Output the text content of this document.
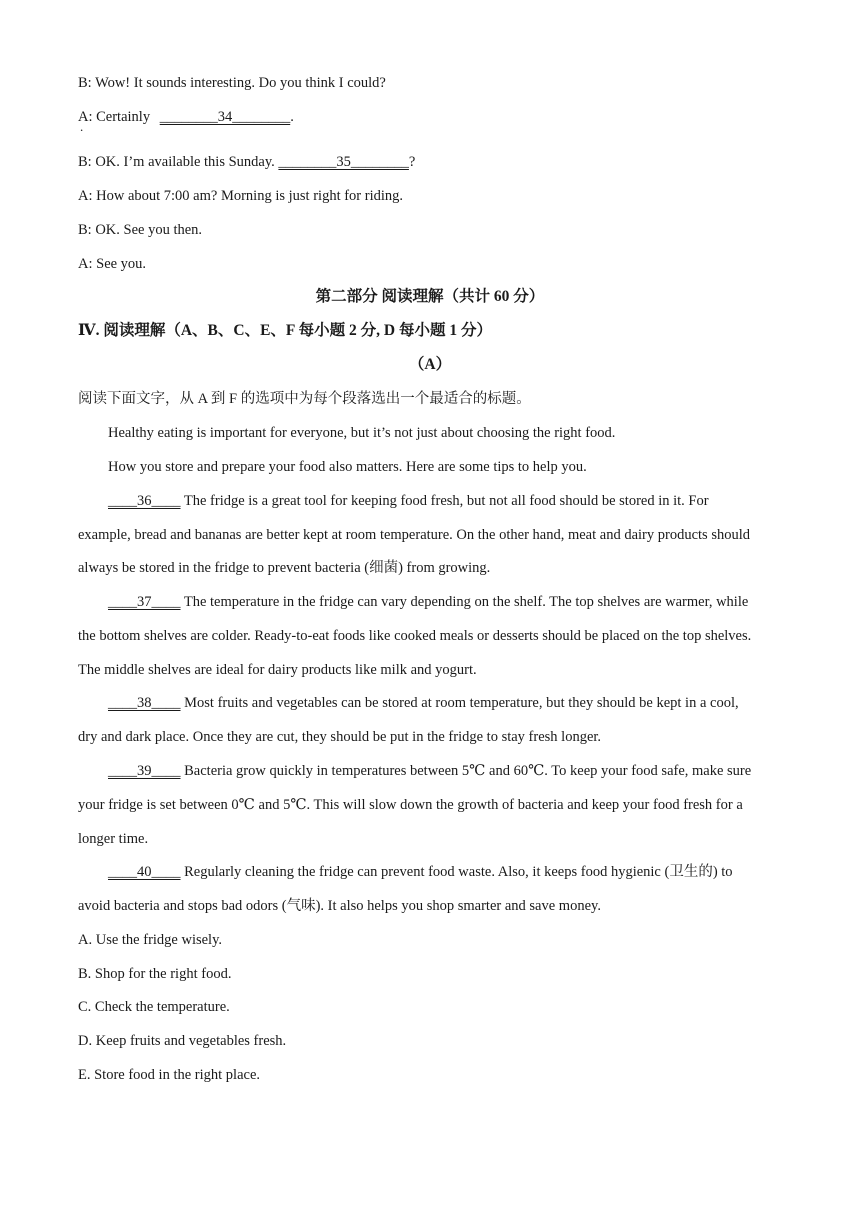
B: Wow! It sounds interesting. Do you think I could?
A: Certainly . ________34________.
B: OK. I’m available this Sunday. ________35________?
A: How about 7:00 am? Morning is just right for riding.
B: OK. See you then.
A: See you.
第二部分 阅读理解（共计 60 分）
Ⅳ. 阅读理解（A、B、C、E、F 每小题 2 分, D 每小题 1 分）
（A）
阅读下面文字，从 A 到 F 的选项中为每个段落选出一个最适合的标题。
Healthy eating is important for everyone, but it’s not just about choosing the right food.
How you store and prepare your food also matters. Here are some tips to help you.
____36____ The fridge is a great tool for keeping food fresh, but not all food should be stored in it. For
example, bread and bananas are better kept at room temperature. On the other hand, meat and dairy products should
always be stored in the fridge to prevent bacteria (细菌) from growing.
____37____ The temperature in the fridge can vary depending on the shelf. The top shelves are warmer, while
the bottom shelves are colder. Ready-to-eat foods like cooked meals or desserts should be placed on the top shelves.
The middle shelves are ideal for dairy products like milk and yogurt.
____38____ Most fruits and vegetables can be stored at room temperature, but they should be kept in a cool,
dry and dark place. Once they are cut, they should be put in the fridge to stay fresh longer.
____39____ Bacteria grow quickly in temperatures between 5℃ and 60℃. To keep your food safe, make sure
your fridge is set between 0℃ and 5℃. This will slow down the growth of bacteria and keep your food fresh for a
longer time.
____40____ Regularly cleaning the fridge can prevent food waste. Also, it keeps food hygienic (卫生的) to
avoid bacteria and stops bad odors (气味). It also helps you shop smarter and save money.
A. Use the fridge wisely.
B. Shop for the right food.
C. Check the temperature.
D. Keep fruits and vegetables fresh.
E. Store food in the right place.
